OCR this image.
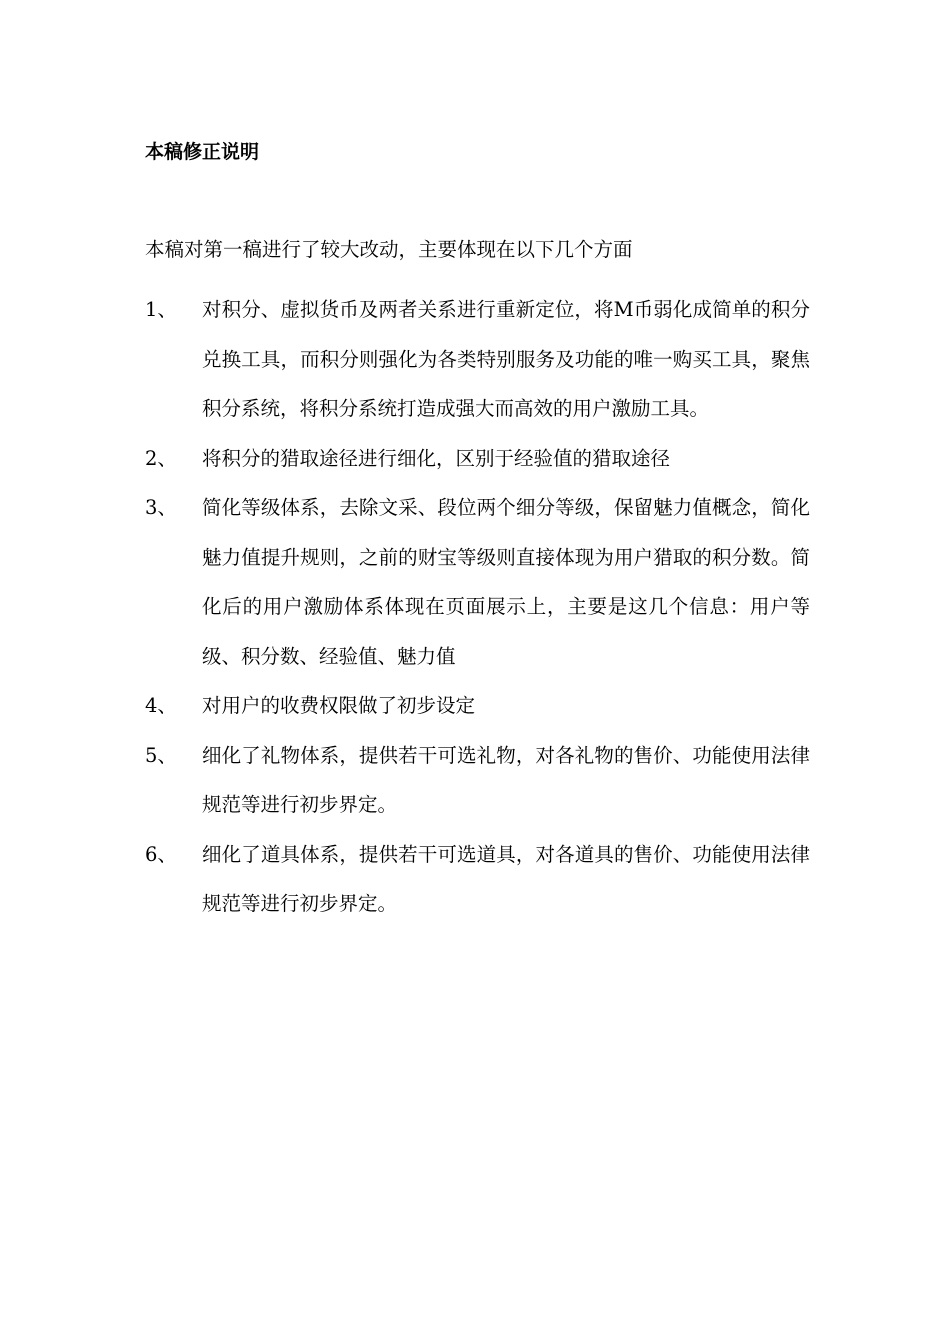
本稿修正说明

本稿对第一稿进行了较大改动，主要体现在以下几个方面

1、 对积分、虚拟货币及两者关系进行重新定位，将M币弱化成简单的积分兑换工具，而积分则强化为各类特别服务及功能的唯一购买工具，聚焦积分系统，将积分系统打造成强大而高效的用户激励工具。
2、 将积分的猎取途径进行细化，区别于经验值的猎取途径
3、 简化等级体系，去除文采、段位两个细分等级，保留魅力值概念，简化魅力值提升规则，之前的财宝等级则直接体现为用户猎取的积分数。简化后的用户激励体系体现在页面展示上，主要是这几个信息：用户等级、积分数、经验值、魅力值
4、 对用户的收费权限做了初步设定
5、 细化了礼物体系，提供若干可选礼物，对各礼物的售价、功能使用法律规范等进行初步界定。
6、 细化了道具体系，提供若干可选道具，对各道具的售价、功能使用法律规范等进行初步界定。
